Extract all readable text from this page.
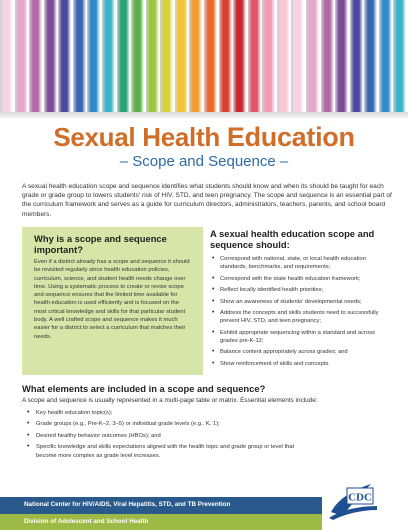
Sexual Health Education
– Scope and Sequence –
A sexual health education scope and sequence identifies what students should know and when its should be taught for each grade or grade group to lowers students' risk of HIV, STD, and teen pregnancy. The scope and sequence is an essential part of the curriculum framework and serves as a guide for curriculum directors, administrators, teachers, parents, and school board members.
Why is a scope and sequence important?

Even if a district already has a scope and sequence it should be revisited regularly since health education policies, curriculum, science, and student health needs change over time. Using a systematic process to create or revise scope and sequence ensures that the limited time available for health education is used efficiently and is focused on the most critical knowledge and skills for that particular student body. A well crafted scope and sequence makes it much easier for a district to select a curriculum that matches their needs.

A sexual health education scope and sequence should:
• Correspond with national, state, or local health education standards, benchmarks, and requirements;
• Correspond with the state health education framework;
• Reflect locally identified health priorities;
• Show an awareness of students' developmental needs;
• Address the concepts and skills students need to successfully prevent HIV, STD, and teen pregnancy;
• Exhibit appropriate sequencing within a standard and across grades pre-K-12;
• Balance content appropriately across grades; and
• Show reinforcement of skills and concepts.
What elements are included in a scope and sequence?

A scope and sequence is usually represented in a multi-page table or matrix. Essential elements include:

• Key health education topic(s);
• Grade groups (e.g., Pre-K–2, 3–5) or individual grade levels (e.g., K, 1);
• Desired healthy behavior outcomes (HBOs); and
• Specific knowledge and skills expectations aligned with the health topic and grade group or level that become more complex as grade level increases.
National Center for HIV/AIDS, Viral Hepatitis, STD, and TB Prevention
Division of Adolescent and School Health
CDC
